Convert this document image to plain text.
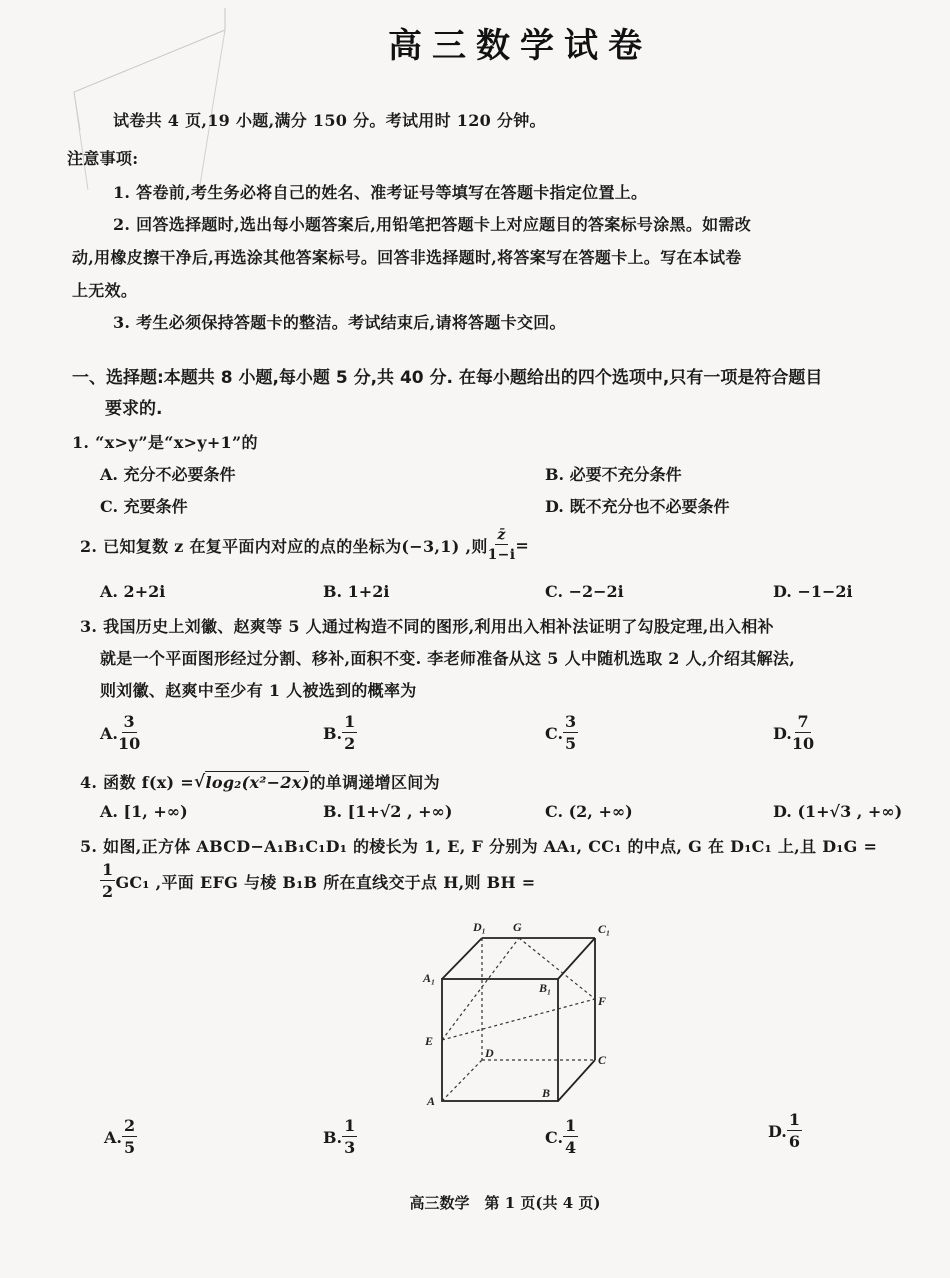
高三数学试卷
试卷共 4 页,19 小题,满分 150 分。考试用时 120 分钟。
注意事项:
1. 答卷前,考生务必将自己的姓名、准考证号等填写在答题卡指定位置上。
2. 回答选择题时,选出每小题答案后,用铅笔把答题卡上对应题目的答案标号涂黑。如需改
动,用橡皮擦干净后,再选涂其他答案标号。回答非选择题时,将答案写在答题卡上。写在本试卷
上无效。
3. 考生必须保持答题卡的整洁。考试结束后,请将答题卡交回。
一、选择题:本题共 8 小题,每小题 5 分,共 40 分. 在每小题给出的四个选项中,只有一项是符合题目
要求的.
1. “x>y”是“x>y+1”的
A. 充分不必要条件	B. 必要不充分条件
C. 充要条件	D. 既不充分也不必要条件
2. 已知复数 z 在复平面内对应的点的坐标为(−3,1) ,则 $\frac{z̄}{1-i}$ =
A. 2+2i	B. 1+2i	C. −2−2i	D. −1−2i
3. 我国历史上刘徽、赵爽等 5 人通过构造不同的图形,利用出入相补法证明了勾股定理,出入相补
就是一个平面图形经过分割、移补,面积不变. 李老师准备从这 5 人中随机选取 2 人,介绍其解法,
则刘徽、赵爽中至少有 1 人被选到的概率为
A. $\frac{3}{10}$	B. $\frac{1}{2}$	C. $\frac{3}{5}$	D. $\frac{7}{10}$
4. 函数 f(x) = √ log₂(x²−2x) 的单调递增区间为
A. [1, +∞)	B. [1+√2 , +∞)	C. (2, +∞)	D. (1+√3 , +∞)
5. 如图,正方体 ABCD−A₁B₁C₁D₁ 的棱长为 1, E, F 分别为 AA₁, CC₁ 的中点, G 在 D₁C₁ 上,且 D₁G =
$\frac{1}{2} GC_1$ ,平面 EFG 与棱 B₁B 所在直线交于点 H,则 BH =
D₁ G	C₁
A₁
B₁
F
E
D	C
A
B
A. $\frac{2}{5}$	B. $\frac{1}{3}$	C. $\frac{1}{4}$	D. $\frac{1}{6}$
高三数学　第 1 页(共 4 页)
